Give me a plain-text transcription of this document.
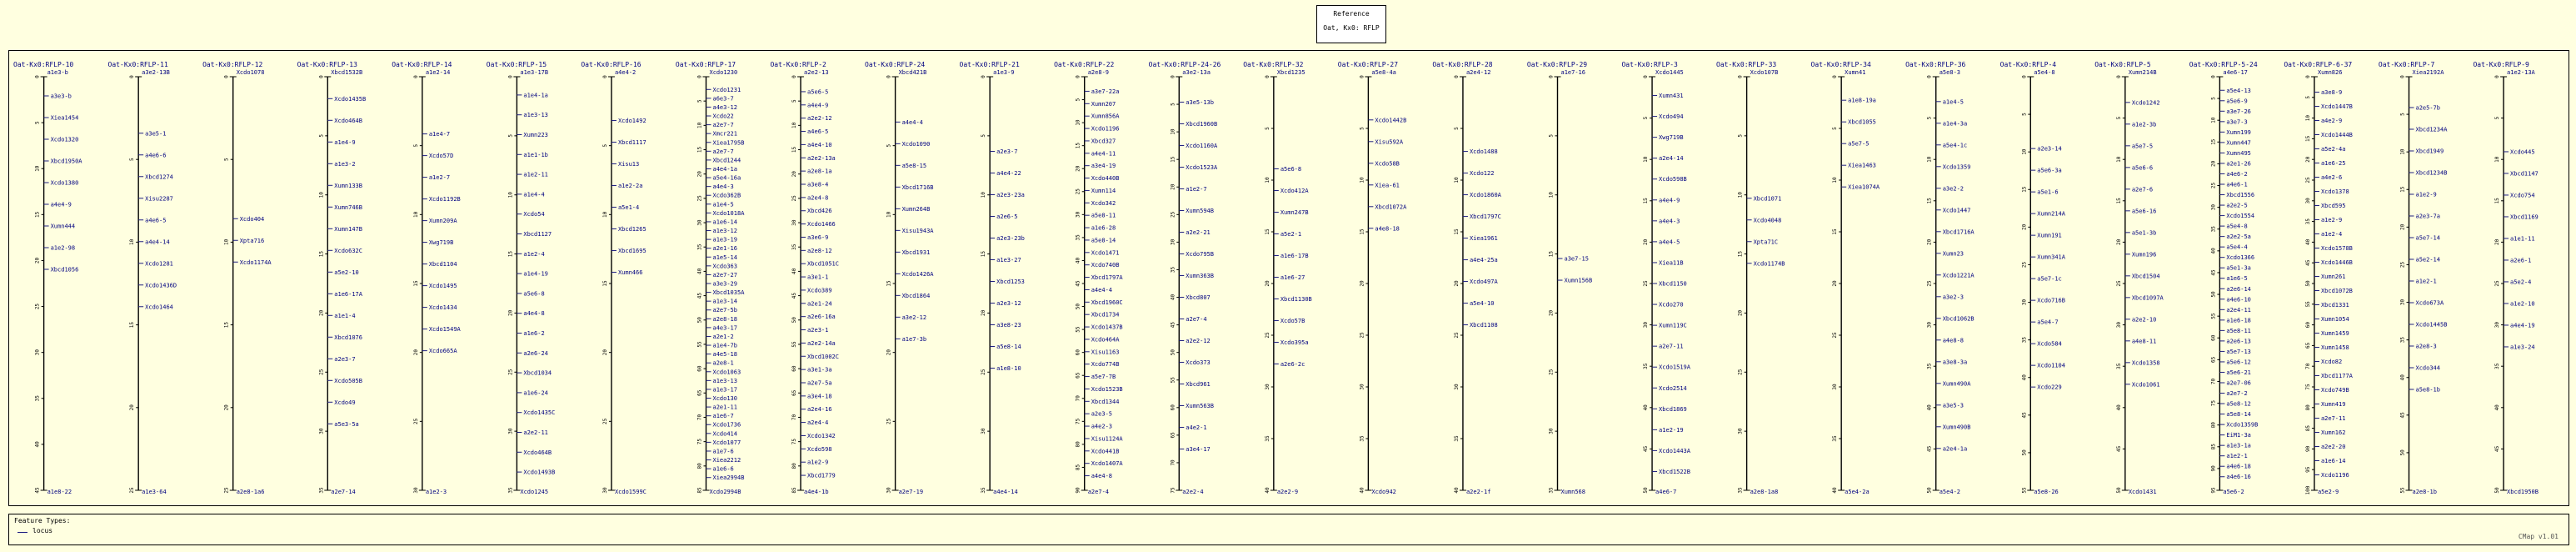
Reference
Oat, Kx0: RFLP
Oat-Kx0:RFLP-10
a1e3-b
a1e8-22
0
5
10
15
20
25
30
35
40
45
a3e3-b
Xiea1454
Xcdo1320
Xbcd1950A
Xcdo1380
a4e4-9
Xumn444
a1e2-98
Xbcd1056
Oat-Kx0:RFLP-11
a3e2-13B
a1e3-64
0
5
10
15
20
25
a3e5-1
a4e6-6
Xbcd1274
Xisu2287
a4e6-5
a4e4-14
Xcdo1281
Xcdo1436D
Xcdo1464
Oat-Kx0:RFLP-12
Xcdo1078
a2e8-1a6
0
5
10
15
20
25
Xcdo404
Xpta716
Xcdo1174A
Oat-Kx0:RFLP-13
Xbcd1532B
a2e7-14
0
5
10
15
20
25
30
35
Xcdo1435B
Xcdo464B
a1e4-9
a1e3-2
Xumn133B
Xumn746B
Xumn147B
Xcdo632C
a5e2-10
a1e6-17A
a1e1-4
Xbcd1076
a2e3-7
Xcdo505B
Xcdo49
a5e3-5a
Oat-Kx0:RFLP-14
a1e2-14
a1e2-3
0
5
10
15
20
25
30
a1e4-7
Xcdo57D
a1e2-7
Xcdo1192B
Xumn209A
Xwg719B
Xbcd1104
Xcdo1495
Xcdo1434
Xcdo1549A
Xcdo665A
Oat-Kx0:RFLP-15
a1e3-17B
Xcdo1245
0
5
10
15
20
25
30
35
a1e4-1a
a1e3-13
Xumn223
a1e1-1b
a1e2-11
a1e4-4
Xcdo54
Xbcd1127
a1e2-4
a1e4-19
a5e6-8
a4e4-8
a1e6-2
a2e6-24
Xbcd1034
a1e6-24
Xcdo1435C
a2e2-11
Xcdo464B
Xcdo1493B
Oat-Kx0:RFLP-16
a4e4-2
Xcdo1599C
0
5
10
15
20
25
30
Xcdo1492
Xbcd1117
Xisu13
a1e2-2a
a5e1-4
Xbcd1265
Xbcd1695
Xumn466
Oat-Kx0:RFLP-17
Xcdo1230
Xcdo2994B
0
5
10
15
20
25
30
35
40
45
50
55
60
65
70
75
80
85
Xcdo1231
a6e3-7
a4e3-12
Xcdo22
a2e7-7
Xmcr221
Xiea1795B
a2e7-7
Xbcd1244
a4e4-1a
a5e4-16a
a4e4-3
Xcdo362B
a1e4-5
Xcdo1018A
a1e6-14
a1e3-12
a1e3-19
a2e1-16
a1e5-14
Xcdo363
a2e7-27
a3e3-29
Xbcd1035A
a1e3-14
a2e7-5b
a2e8-18
a4e3-17
a2e1-2
a1e4-7b
a4e5-18
a2e8-1
Xcdo1063
a1e3-13
a1e3-17
Xcdo130
a2e1-11
a1e6-7
Xcdo1736
Xcdo414
Xcdo1077
a1e7-6
Xiea2212
a1e6-6
Xiea2994B
Oat-Kx0:RFLP-2
a2e2-13
a4e4-1b
0
5
10
15
20
25
30
35
40
45
50
55
60
65
70
75
80
85
a5e6-5
a4e4-9
a2e2-12
a4e6-5
a4e4-10
a2e2-13a
a2e8-1a
a3e8-4
a2e4-8
Xbcd426
Xcdo1466
a3e6-9
a2e8-12
Xbcd1051C
a3e1-1
Xcdo389
a2e1-24
a2e6-16a
a2e3-1
a2e2-14a
Xbcd1002C
a3e1-3a
a2e7-5a
a3e4-18
a2e4-16
a2e4-4
Xcdo1342
Xcdo598
a1e2-9
Xbcd1779
Oat-Kx0:RFLP-24
Xbcd421B
a2e7-19
0
5
10
15
20
25
30
a4e4-4
Xcdo1090
a5e8-15
Xbcd1716B
Xumn264B
Xisu1943A
Xbcd1931
Xcdo1426A
Xbcd1864
a3e2-12
a1e7-3b
Oat-Kx0:RFLP-21
a1e3-9
a4e4-14
0
5
10
15
20
25
30
35
a2e3-7
a4e4-22
a2e3-23a
a2e6-5
a2e3-23b
a1e3-27
Xbcd1253
a2e3-12
a3e8-23
a5e8-14
a1e8-10
Oat-Kx0:RFLP-22
a2e8-9
a2e7-4
0
5
10
15
20
25
30
35
40
45
50
55
60
65
70
75
80
85
90
a3e7-22a
Xumn207
Xumn856A
Xcdo1196
Xbcd327
a4e4-11
a3e4-19
Xcdo440B
Xumn114
Xcdo342
a5e8-11
a1e6-28
a5e8-14
Xcdo1471
Xcdo740B
Xbcd1797A
a4e4-4
Xbcd1960C
Xbcd1734
Xcdo1437B
Xcdo464A
Xisu1163
Xcdo774B
a5e7-7B
Xcdo1523B
Xbcd1344
a2e3-5
a4e2-3
Xisu1124A
Xcdo441B
Xcdo1407A
a4e4-8
Oat-Kx0:RFLP-24-26
a3e2-13a
a2e2-4
0
5
10
15
20
25
30
35
40
45
50
55
60
65
70
75
a3e5-13b
Xbcd1960B
Xcdo1160A
Xcdo1523A
a1e2-7
Xumn594B
a2e2-21
Xcdo795B
Xumn363B
Xbcd807
a2e7-4
a2e2-12
Xcdo373
Xbcd961
Xumn563B
a4e2-1
a3e4-17
Oat-Kx0:RFLP-32
Xbcd1235
a2e2-9
0
5
10
15
20
25
30
35
40
a5e6-8
Xcdo412A
Xumn247B
a5e2-1
a1e6-17B
a1e6-27
Xbcd1130B
Xcdo57B
Xcdo395a
a2e6-2c
Oat-Kx0:RFLP-27
a5e8-4a
Xcdo942
0
5
10
15
20
25
30
35
40
Xcdo1442B
Xisu592A
Xcdo58B
Xiea-61
Xbcd1072A
a4e8-18
Oat-Kx0:RFLP-28
a2e4-12
a2e2-1f
0
5
10
15
20
25
30
35
40
Xcdo1488
Xcdo122
Xcdo1860A
Xbcd1797C
Xiea1961
a4e4-25a
Xcdo497A
a5e4-10
Xbcd1108
Oat-Kx0:RFLP-29
a1e7-16
Xumn568
0
5
10
15
20
25
30
35
a3e7-15
Xumn156B
Oat-Kx0:RFLP-3
Xcdo1445
a4e6-7
0
5
10
15
20
25
30
35
40
45
50
Xumn431
Xcdo494
Xwg719B
a2e4-14
Xcdo598B
a4e4-9
a4e4-3
a4e4-5
Xiea11B
Xbcd1150
Xcdo270
Xumn119C
a2e7-11
Xcdo1519A
Xcdo2514
Xbcd1869
a1e2-19
Xcdo1443A
Xbcd1522B
Oat-Kx0:RFLP-33
Xcdo107B
a2e8-1a8
0
5
10
15
20
25
30
35
Xbcd1071
Xcdo4048
Xpta71C
Xcdo1174B
Oat-Kx0:RFLP-34
Xumn41
a5e4-2a
0
5
10
15
20
25
30
35
40
a1e8-19a
Xbcd1055
a5e7-5
Xiea1463
Xiea1074A
Oat-Kx0:RFLP-36
a5e8-3
a5e4-2
0
5
10
15
20
25
30
35
40
45
50
a1e4-5
a1e4-3a
a5e4-1c
Xcdo1359
a3e2-2
Xcdo1447
Xbcd1716A
Xumn23
Xcdo1221A
a3e2-3
Xbcd1062B
a4e8-8
a3e8-3a
Xumn490A
a3e5-3
Xumn490B
a2e4-1a
Oat-Kx0:RFLP-4
a5e4-8
a5e8-26
0
5
10
15
20
25
30
35
40
45
50
55
a2e3-14
a5e6-3a
a5e1-6
Xumn214A
Xumn191
Xumn341A
a5e7-1c
Xcdo716B
a5e4-7
Xcdo584
Xcdo1104
Xcdo229
Oat-Kx0:RFLP-5
Xumn214B
Xcdo1431
0
5
10
15
20
25
30
35
40
45
50
Xcdo1242
a1e2-3b
a5e7-5
a5e6-6
a2e7-6
a5e6-16
a5e1-3b
Xumn196
Xbcd1504
Xbcd1097A
a2e2-10
a4e8-11
Xcdo1358
Xcdo1061
Oat-Kx0:RFLP-5-24
a4e6-17
a5e6-2
0
5
10
15
20
25
30
35
40
45
50
55
60
65
70
75
80
85
90
95
a5e4-13
a5e6-9
a3e7-26
a3e7-3
Xumn199
Xumn447
Xumn495
a2e1-26
a4e6-2
a4e6-1
Xbcd1556
a2e2-5
Xcdo1554
a5e4-8
a2e2-5a
a5e4-4
Xcdo1366
a5e1-3a
a1e6-5
a2e6-14
a4e6-10
a2e4-11
a1e6-18
a5e8-11
a2e6-13
a5e7-13
a5e6-12
a5e6-21
a2e7-06
a2e7-2
a5e8-12
a5e8-14
Xcdo1359B
EiM1-3a
a1e3-1a
a1e2-1
a4e6-18
a4e6-16
Oat-Kx0:RFLP-6-37
Xumn826
a5e2-9
0
5
10
15
20
25
30
35
40
45
50
55
60
65
70
75
80
85
90
95
100
a3e8-9
Xcdo1447B
a4e2-9
Xcdo1444B
a5e2-4a
a1e6-25
a4e2-6
Xcdo1378
Xbcd595
a1e2-9
a1e2-4
Xcdo1578B
Xcdo1446B
Xumn261
Xbcd1072B
Xbcd1331
Xumn1054
Xumn1459
Xumn1458
Xcdo82
Xbcd1177A
Xcdo749B
Xumn419
a2e7-11
Xumn162
a2e2-20
a1e6-14
Xcdo1196
Oat-Kx0:RFLP-7
Xiea2192A
a2e8-1b
0
5
10
15
20
25
30
35
40
45
50
55
a2e5-7b
Xbcd1234A
Xbcd1949
Xbcd1234B
a1e2-9
a2e3-7a
a5e7-14
a5e2-14
a1e2-1
Xcdo673A
Xcdo1445B
a2e8-3
Xcdo344
a5e8-1b
Oat-Kx0:RFLP-9
a1e2-13A
Xbcd1950B
0
5
10
15
20
25
30
35
40
45
50
Xcdo445
Xbcd1147
Xcdo754
Xbcd1169
a1e1-11
a2e6-1
a5e2-4
a1e2-10
a4e4-19
a1e3-24
Feature Types:
locus
CMap v1.01
